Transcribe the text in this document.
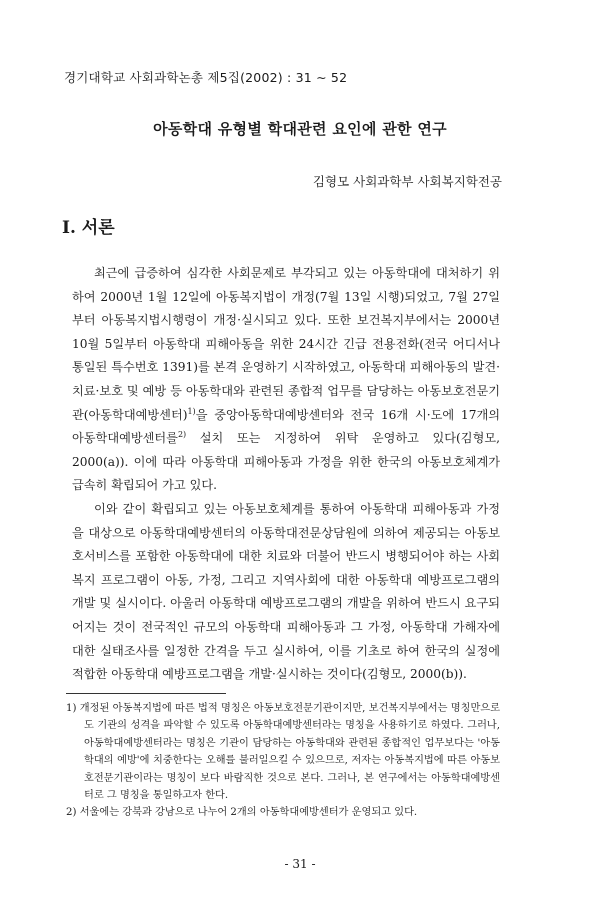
경기대학교 사회과학논총 제5집(2002) : 31 ∼ 52
아동학대 유형별 학대관련 요인에 관한 연구
김형모 사회과학부 사회복지학전공
I. 서론

최근에 급증하여 심각한 사회문제로 부각되고 있는 아동학대에 대처하기 위하여 2000년 1월 12일에 아동복지법이 개정(7월 13일 시행)되었고, 7월 27일부터 아동복지법시행령이 개정·실시되고 있다. 또한 보건복지부에서는 2000년 10월 5일부터 아동학대 피해아동을 위한 24시간 긴급 전용전화(전국 어디서나 통일된 특수번호 1391)를 본격 운영하기 시작하였고, 아동학대 피해아동의 발견·치료·보호 및 예방 등 아동학대와 관련된 종합적 업무를 담당하는 아동보호전문기관(아동학대예방센터)$^{1)}$을 중앙아동학대예방센터와 전국 16개 시·도에 17개의 아동학대예방센터를$^{2)}$ 설치 또는 지정하여 위탁 운영하고 있다(김형모, 2000(a)). 이에 따라 아동학대 피해아동과 가정을 위한 한국의 아동보호체계가 급속히 확립되어 가고 있다.

이와 같이 확립되고 있는 아동보호체계를 통하여 아동학대 피해아동과 가정을 대상으로 아동학대예방센터의 아동학대전문상담원에 의하여 제공되는 아동보호서비스를 포함한 아동학대에 대한 치료와 더불어 반드시 병행되어야 하는 사회복지 프로그램이 아동, 가정, 그리고 지역사회에 대한 아동학대 예방프로그램의 개발 및 실시이다. 아울러 아동학대 예방프로그램의 개발을 위하여 반드시 요구되어지는 것이 전국적인 규모의 아동학대 피해아동과 그 가정, 아동학대 가해자에 대한 실태조사를 일정한 간격을 두고 실시하여, 이를 기초로 하여 한국의 실정에 적합한 아동학대 예방프로그램을 개발·실시하는 것이다(김형모, 2000(b)).

1) 개정된 아동복지법에 따른 법적 명칭은 아동보호전문기관이지만, 보건복지부에서는 명칭만으로도 기관의 성격을 파악할 수 있도록 아동학대예방센터라는 명칭을 사용하기로 하였다. 그러나, 아동학대예방센터라는 명칭은 기관이 담당하는 아동학대와 관련된 종합적인 업무보다는 '아동학대의 예방'에 치중한다는 오해를 불러일으킬 수 있으므로, 저자는 아동복지법에 따른 아동보호전문기관이라는 명칭이 보다 바람직한 것으로 본다. 그러나, 본 연구에서는 아동학대예방센터로 그 명칭을 통일하고자 한다.

2) 서울에는 강북과 강남으로 나누어 2개의 아동학대예방센터가 운영되고 있다.

- 31 -
